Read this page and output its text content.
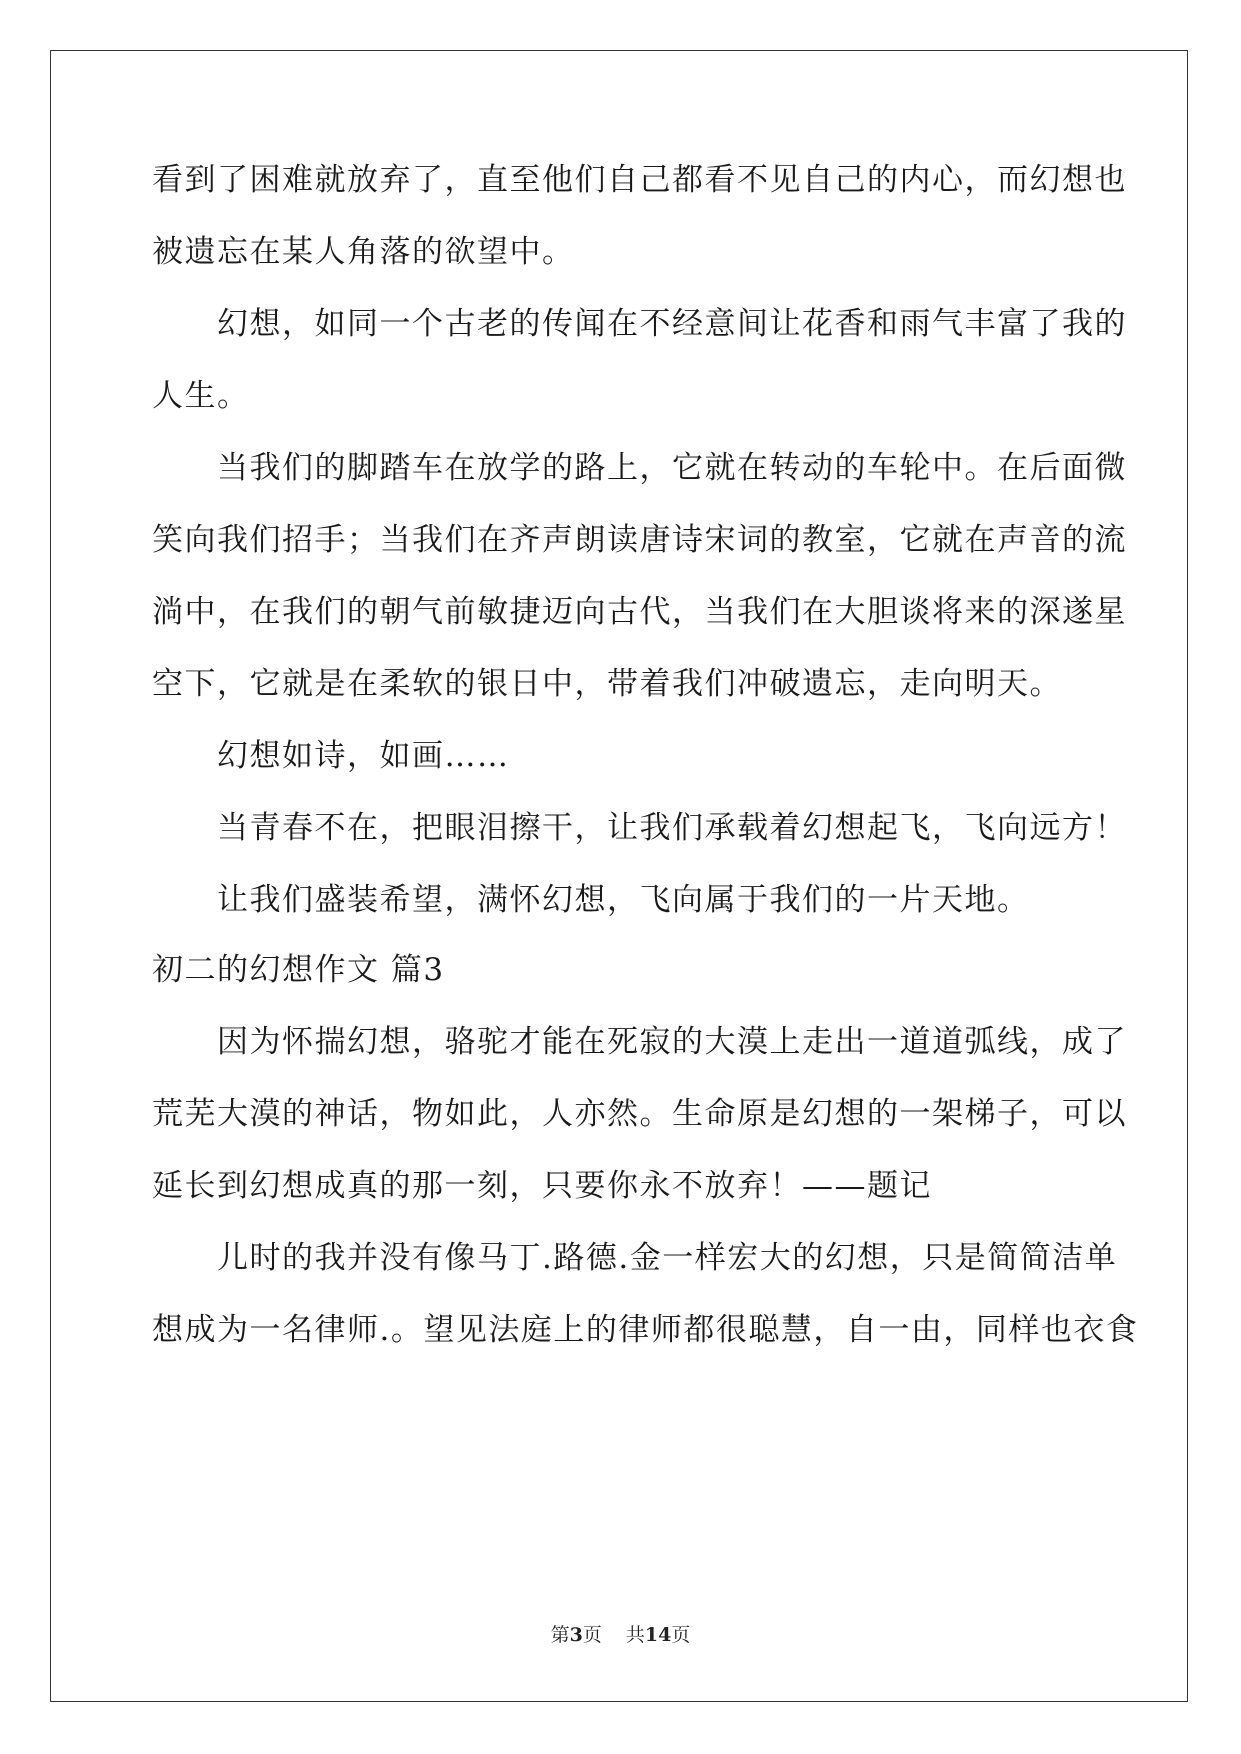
看到了困难就放弃了，直至他们自己都看不见自己的内心，而幻想也
被遗忘在某人角落的欲望中。
　　幻想，如同一个古老的传闻在不经意间让花香和雨气丰富了我的
人生。
　　当我们的脚踏车在放学的路上，它就在转动的车轮中。在后面微
笑向我们招手；当我们在齐声朗读唐诗宋词的教室，它就在声音的流
淌中，在我们的朝气前敏捷迈向古代，当我们在大胆谈将来的深遂星
空下，它就是在柔软的银日中，带着我们冲破遗忘，走向明天。
　　幻想如诗，如画……
　　当青春不在，把眼泪擦干，让我们承载着幻想起飞，飞向远方！
　　让我们盛装希望，满怀幻想，飞向属于我们的一片天地。
初二的幻想作文 篇3
　　因为怀揣幻想，骆驼才能在死寂的大漠上走出一道道弧线，成了
荒芜大漠的神话，物如此，人亦然。生命原是幻想的一架梯子，可以
延长到幻想成真的那一刻，只要你永不放弃！——题记
　　儿时的我并没有像马丁.路德.金一样宏大的幻想，只是简简洁单
想成为一名律师.。望见法庭上的律师都很聪慧，自一由，同样也衣食
第3页 共14页
